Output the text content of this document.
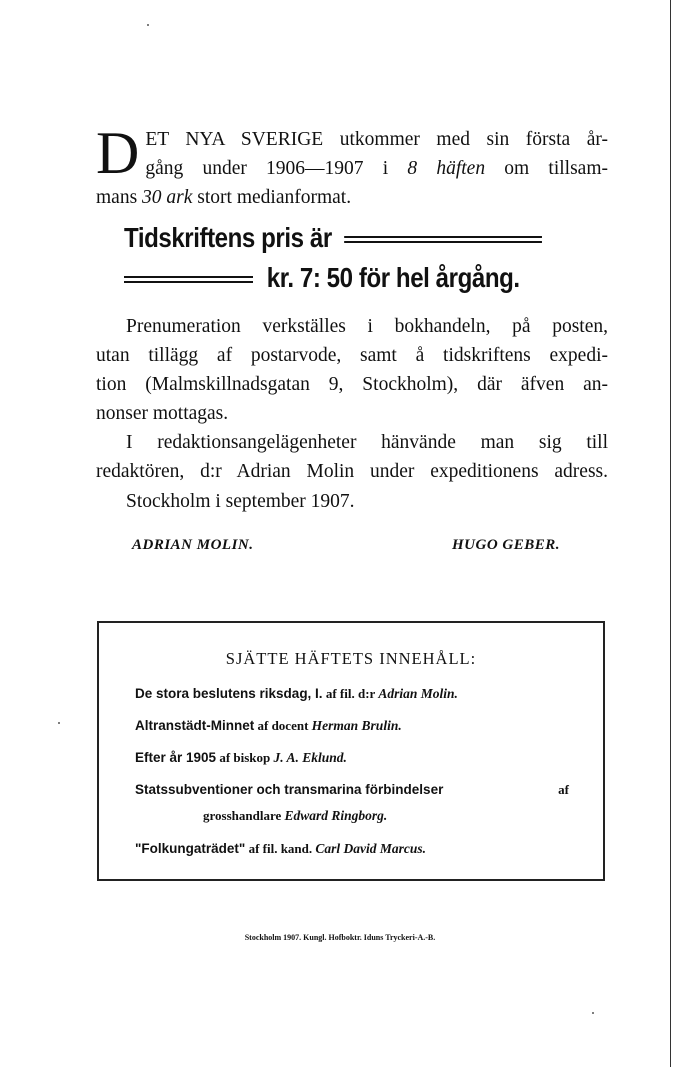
D ET NYA SVERIGE utkommer med sin första år-
gång under 1906—1907 i 8 häften om tillsam-
mans 30 ark stort medianformat.
Tidskriftens pris är
kr. 7: 50 för hel årgång.

Prenumeration verkställes i bokhandeln, på posten,

utan tillägg af postarvode, samt å tidskriftens expedi-

tion (Malmskillnadsgatan 9, Stockholm), där äfven an-

nonser mottagas.

I redaktionsangelägenheter hänvände man sig till

redaktören, d:r Adrian Molin under expeditionens adress.

Stockholm i september 1907.
ADRIAN MOLIN.	HUGO GEBER.
SJÄTTE HÄFTETS INNEHÅLL:
De stora beslutens riksdag, I. af fil. d:r Adrian Molin.
Altranstädt-Minnet af docent Herman Brulin.
Efter år 1905 af biskop J. A. Eklund.
Statssubventioner och transmarina förbindelser	af
grosshandlare Edward Ringborg.
"Folkungaträdet" af fil. kand. Carl David Marcus.
Stockholm 1907. Kungl. Hofboktr. Iduns Tryckeri-A.-B.
